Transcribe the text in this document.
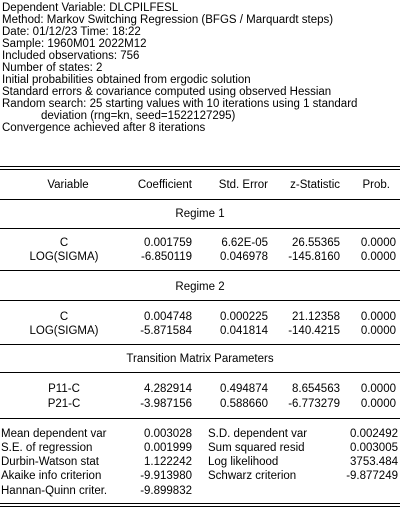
Dependent Variable: DLCPILFESL
Method: Markov Switching Regression (BFGS / Marquardt steps)
Date: 01/12/23 Time: 18:22
Sample: 1960M01 2022M12
Included observations: 756
Number of states: 2
Initial probabilities obtained from ergodic solution
Standard errors & covariance computed using observed Hessian
Random search: 25 starting values with 10 iterations using 1 standard
deviation (rng=kn, seed=1522127295)
Convergence achieved after 8 iterations
Variable	Coefficient	Std. Error	z-Statistic	Prob.
Regime 1
C	0.001759	6.62E-05	26.55365	0.0000
LOG(SIGMA)	-6.850119	0.046978	-145.8160	0.0000
Regime 2
C	0.004748	0.000225	21.12358	0.0000
LOG(SIGMA)	-5.871584	0.041814	-140.4215	0.0000
Transition Matrix Parameters
P11-C	4.282914	0.494874	8.654563	0.0000
P21-C	-3.987156	0.588660	-6.773279	0.0000
Mean dependent var	0.003028 S.D. dependent var	0.002492
S.E. of regression	0.001999 Sum squared resid	0.003005
Durbin-Watson stat	1.122242 Log likelihood	3753.484
Akaike info criterion	-9.913980 Schwarz criterion	-9.877249
Hannan-Quinn criter.	-9.899832
